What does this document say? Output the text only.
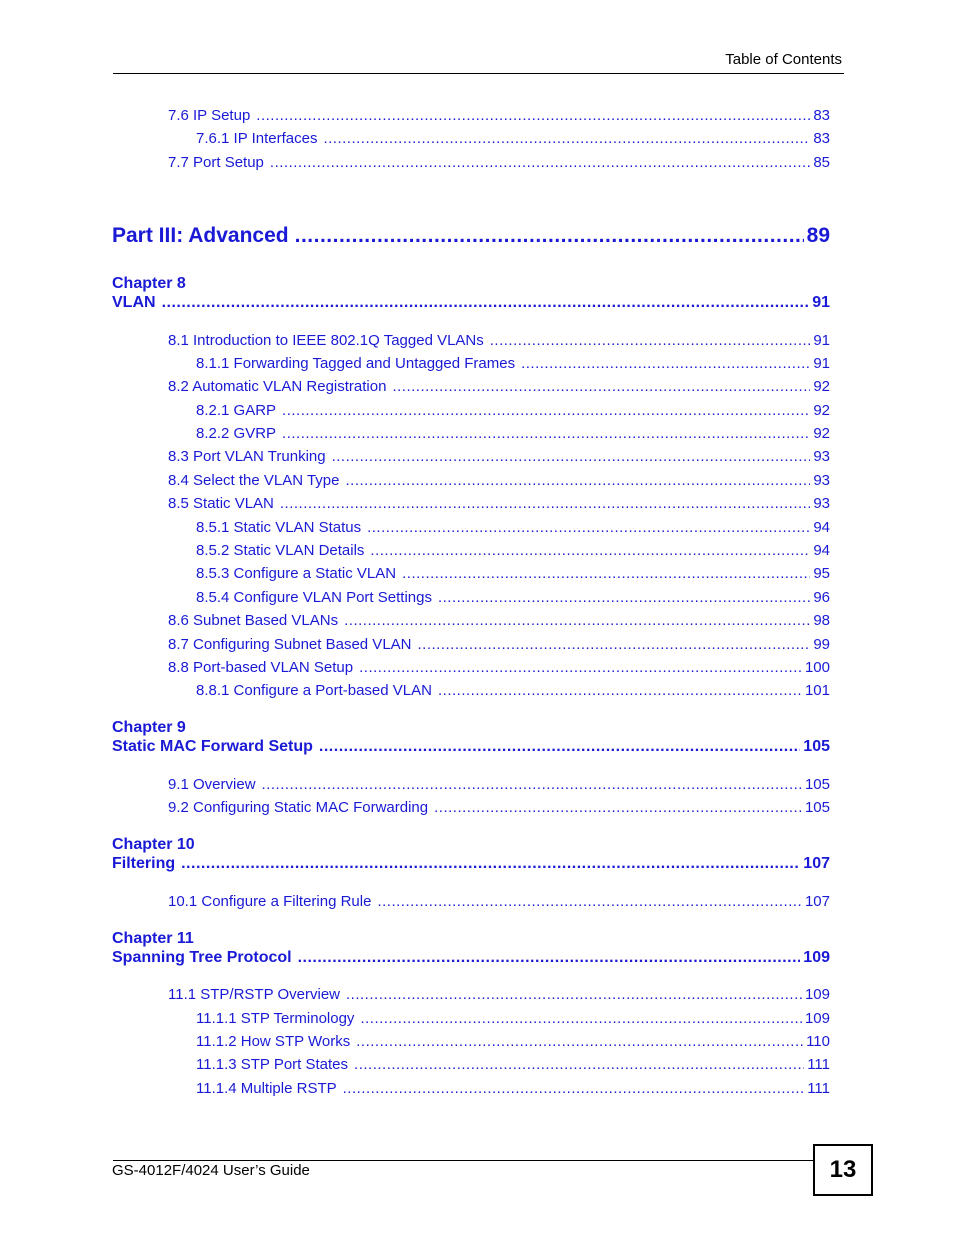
Table of Contents
7.6 IP Setup .....	83
7.6.1 IP Interfaces .....	83
7.7 Port Setup .....	85
Part III: Advanced .....	89
Chapter 8
VLAN .....	91
8.1 Introduction to IEEE 802.1Q Tagged VLANs .....	91
8.1.1 Forwarding Tagged and Untagged Frames .....	91
8.2 Automatic VLAN Registration .....	92
8.2.1 GARP .....	92
8.2.2 GVRP .....	92
8.3 Port VLAN Trunking .....	93
8.4 Select the VLAN Type .....	93
8.5 Static VLAN .....	93
8.5.1 Static VLAN Status .....	94
8.5.2 Static VLAN Details .....	94
8.5.3 Configure a Static VLAN .....	95
8.5.4 Configure VLAN Port Settings .....	96
8.6 Subnet Based VLANs .....	98
8.7 Configuring Subnet Based VLAN .....	99
8.8 Port-based VLAN Setup .....	100
8.8.1 Configure a Port-based VLAN .....	101
Chapter 9
Static MAC Forward Setup .....	105
9.1 Overview .....	105
9.2 Configuring Static MAC Forwarding .....	105
Chapter 10
Filtering .....	107
10.1 Configure a Filtering Rule .....	107
Chapter 11
Spanning Tree Protocol .....	109
11.1 STP/RSTP Overview .....	109
11.1.1 STP Terminology .....	109
11.1.2 How STP Works .....	110
11.1.3 STP Port States .....	111
11.1.4 Multiple RSTP .....	111
GS-4012F/4024 User’s Guide	13
